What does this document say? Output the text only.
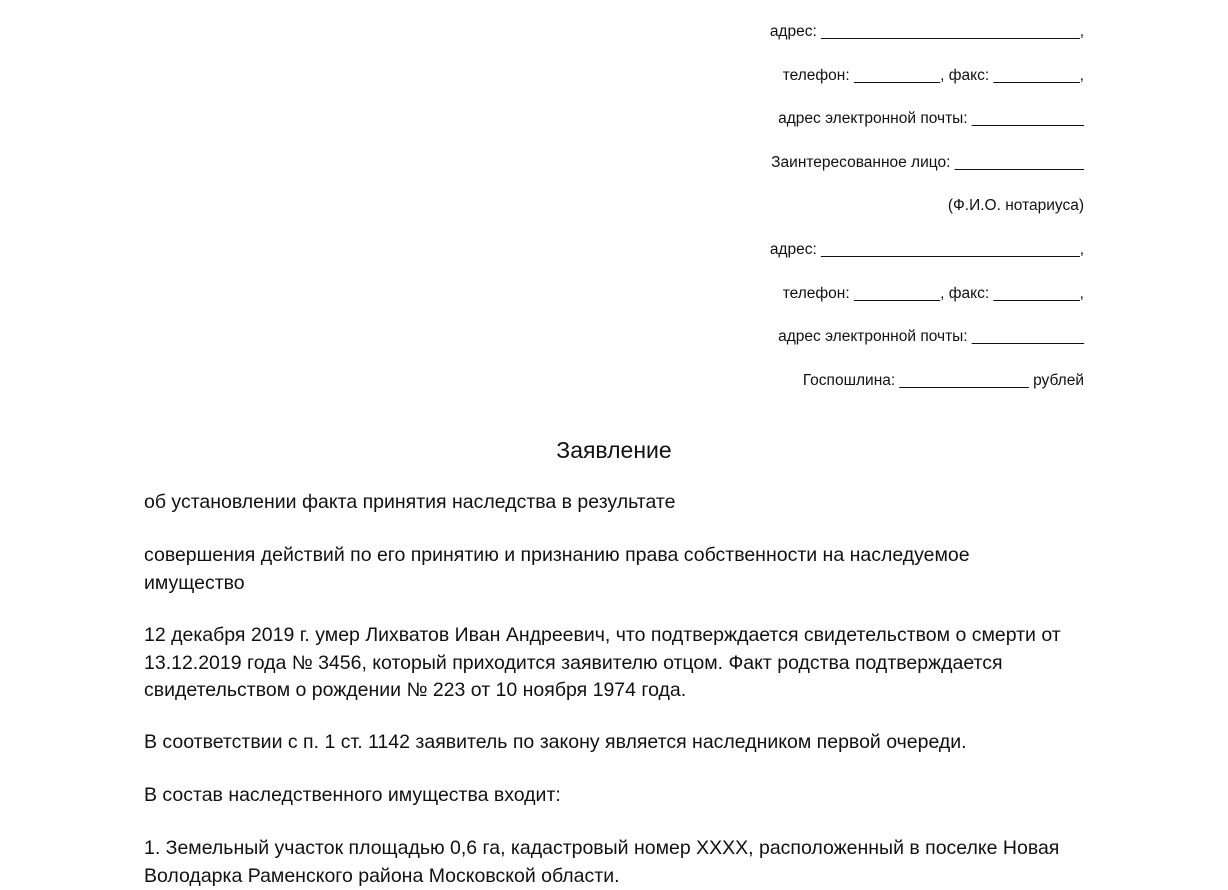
адрес: ______________________________,
телефон: __________, факс: __________,
адрес электронной почты: _____________
Заинтересованное лицо: _______________
(Ф.И.О. нотариуса)
адрес: ______________________________,
телефон: __________, факс: __________,
адрес электронной почты: _____________
Госпошлина: _______________ рублей
Заявление
об установлении факта принятия наследства в результате
совершения действий по его принятию и признанию права собственности на наследуемое имущество
12 декабря 2019 г. умер Лихватов Иван Андреевич, что подтверждается свидетельством о смерти от 13.12.2019 года № 3456, который приходится заявителю отцом. Факт родства подтверждается свидетельством о рождении № 223 от 10 ноября 1974 года.
В соответствии с п. 1 ст. 1142 заявитель по закону является наследником первой очереди.
В состав наследственного имущества входит:
1. Земельный участок площадью 0,6 га, кадастровый номер XXXX, расположенный в поселке Новая Володарка Раменского района Московской области.
